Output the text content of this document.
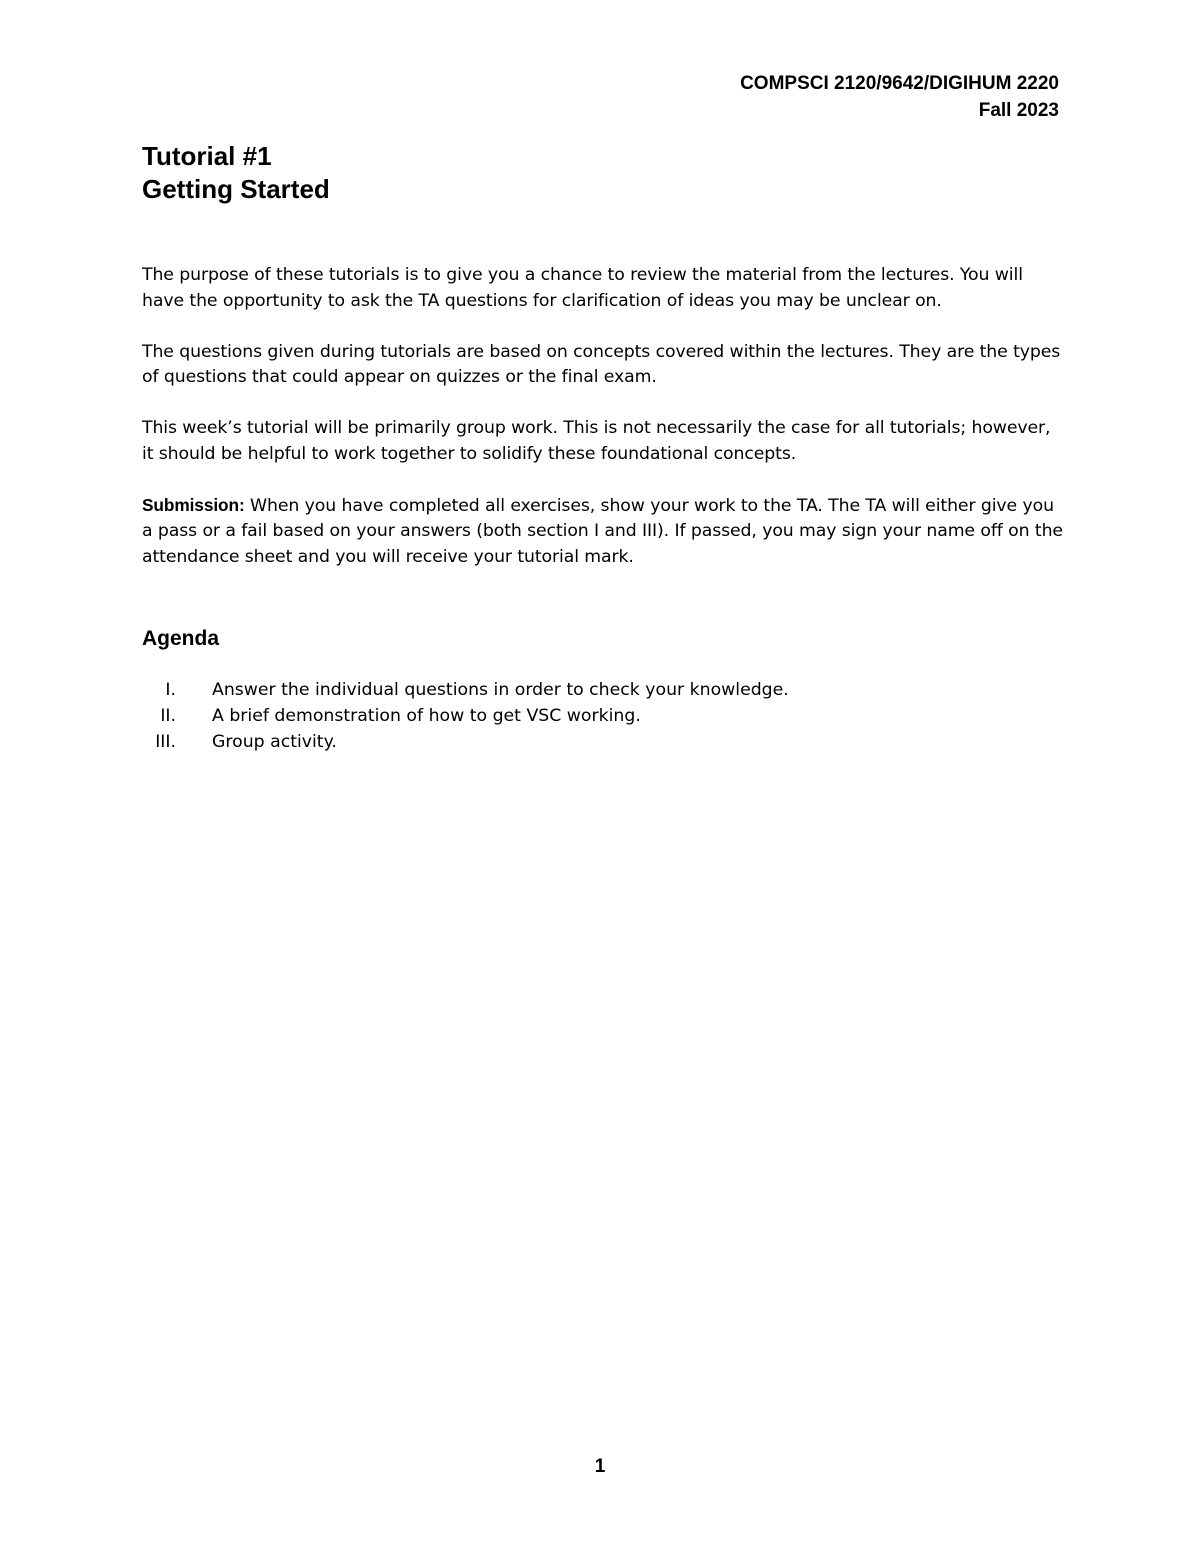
COMPSCI 2120/9642/DIGIHUM 2220
Fall 2023
Tutorial #1
Getting Started

The purpose of these tutorials is to give you a chance to review the material from the lectures. You will have the opportunity to ask the TA questions for clarification of ideas you may be unclear on.

The questions given during tutorials are based on concepts covered within the lectures. They are the types of questions that could appear on quizzes or the final exam.

This week’s tutorial will be primarily group work. This is not necessarily the case for all tutorials; however, it should be helpful to work together to solidify these foundational concepts.

Submission: When you have completed all exercises, show your work to the TA. The TA will either give you a pass or a fail based on your answers (both section I and III). If passed, you may sign your name off on the attendance sheet and you will receive your tutorial mark.

Agenda
I. Answer the individual questions in order to check your knowledge.
II. A brief demonstration of how to get VSC working.
III. Group activity.
1
